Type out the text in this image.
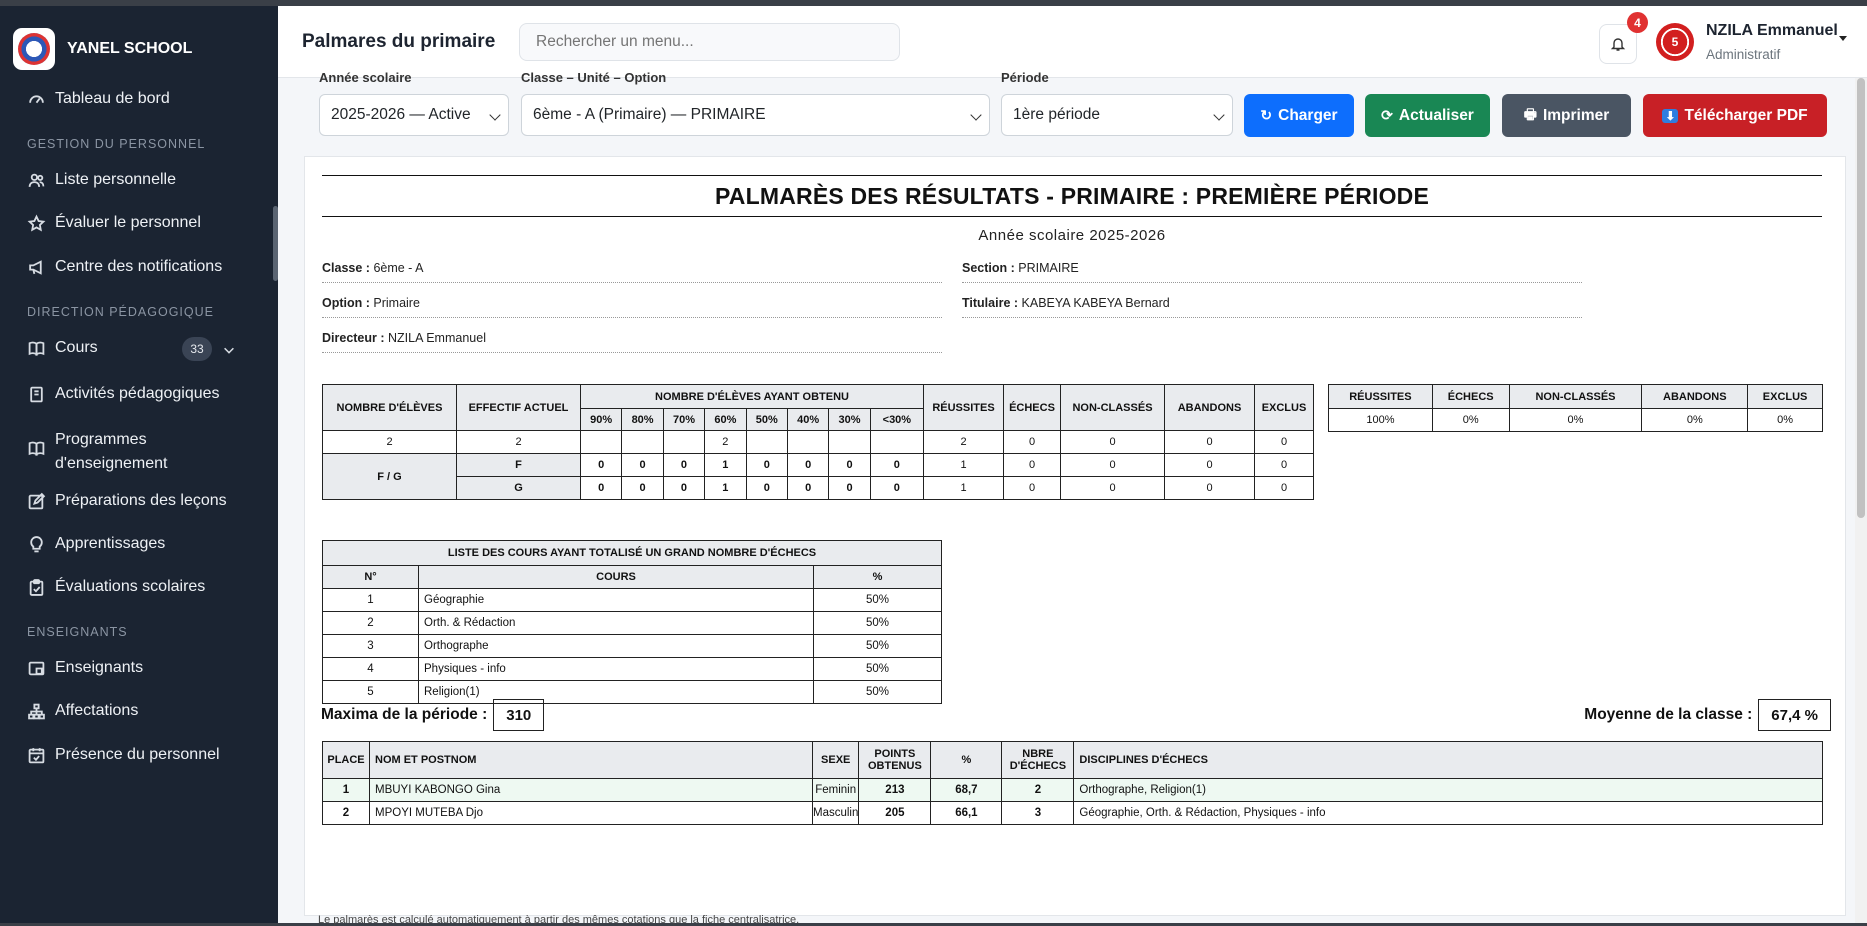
YANEL SCHOOL
Tableau de bord
GESTION DU PERSONNEL
Liste personnelle
Évaluer le personnel
Centre des notifications
DIRECTION PÉDAGOGIQUE
Cours	33
Activités pédagogiques
Programmes d'enseignement
Préparations des leçons
Apprentissages
Évaluations scolaires
ENSEIGNANTS
Enseignants
Affectations
Présence du personnel
Palmares du primaire
Rechercher un menu...
4
5
NZILA Emmanuel
Administratif
Année scolaire
2025-2026 — Active
Classe – Unité – Option
6ème - A (Primaire) — PRIMAIRE
Période
1ère période	↻ Charger	⟳ Actualiser	🖶 Imprimer	⬇ Télécharger PDF
PALMARÈS DES RÉSULTATS - PRIMAIRE : PREMIÈRE PÉRIODE
Année scolaire 2025-2026
Classe : 6ème - A	Section : PRIMAIRE
Option : Primaire	Titulaire : KABEYA KABEYA Bernard
Directeur : NZILA Emmanuel
NOMBRE D'ÉLÈVES	EFFECTIF ACTUEL	NOMBRE D'ÉLÈVES AYANT OBTENU								RÉUSSITES	ÉCHECS	NON-CLASSÉS	ABANDONS	EXCLUS
		90%	80%	70%	60%	50%	40%	30%	<30%					
2	2				2					2	0	0	0	0
F / G	F	0	0	0	1	0	0	0	0	1	0	0	0	0
	G	0	0	0	1	0	0	0	0	1	0	0	0	0
RÉUSSITES	ÉCHECS	NON-CLASSÉS	ABANDONS	EXCLUS
100%	0%	0%	0%	0%
LISTE DES COURS AYANT TOTALISÉ UN GRAND NOMBRE D'ÉCHECS		
N°	COURS	%
1	Géographie	50%
2	Orth. & Rédaction	50%
3	Orthographe	50%
4	Physiques - info	50%
5	Religion(1)	50%
Maxima de la période :	310	Moyenne de la classe :	67,4 %
PLACE	NOM ET POSTNOM	SEXE	POINTS OBTENUS	%	NBRE D'ÉCHECS	DISCIPLINES D'ÉCHECS
1	MBUYI KABONGO Gina	Feminin	213	68,7	2	Orthographe, Religion(1)
2	MPOYI MUTEBA Djo	Masculin	205	66,1	3	Géographie, Orth. & Rédaction, Physiques - info
Le palmarès est calculé automatiquement à partir des mêmes cotations que la fiche centralisatrice.
